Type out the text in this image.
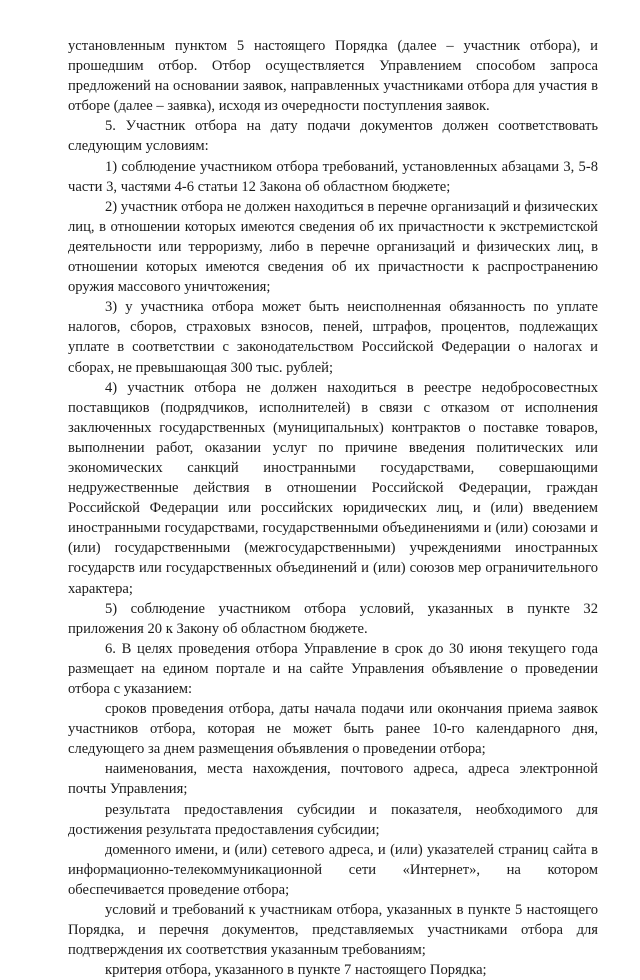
установленным пунктом 5 настоящего Порядка (далее – участник отбора), и прошедшим отбор. Отбор осуществляется Управлением способом запроса предложений на основании заявок, направленных участниками отбора для участия в отборе (далее – заявка), исходя из очередности поступления заявок.

5. Участник отбора на дату подачи документов должен соответствовать следующим условиям:

1) соблюдение участником отбора требований, установленных абзацами 3, 5-8 части 3, частями 4-6 статьи 12 Закона об областном бюджете;

2) участник отбора не должен находиться в перечне организаций и физических лиц, в отношении которых имеются сведения об их причастности к экстремистской деятельности или терроризму, либо в перечне организаций и физических лиц, в отношении которых имеются сведения об их причастности к распространению оружия массового уничтожения;

3) у участника отбора может быть неисполненная обязанность по уплате налогов, сборов, страховых взносов, пеней, штрафов, процентов, подлежащих уплате в соответствии с законодательством Российской Федерации о налогах и сборах, не превышающая 300 тыс. рублей;

4) участник отбора не должен находиться в реестре недобросовестных поставщиков (подрядчиков, исполнителей) в связи с отказом от исполнения заключенных государственных (муниципальных) контрактов о поставке товаров, выполнении работ, оказании услуг по причине введения политических или экономических санкций иностранными государствами, совершающими недружественные действия в отношении Российской Федерации, граждан Российской Федерации или российских юридических лиц, и (или) введением иностранными государствами, государственными объединениями и (или) союзами и (или) государственными (межгосударственными) учреждениями иностранных государств или государственных объединений и (или) союзов мер ограничительного характера;

5) соблюдение участником отбора условий, указанных в пункте 32 приложения 20 к Закону об областном бюджете.

6. В целях проведения отбора Управление в срок до 30 июня текущего года размещает на едином портале и на сайте Управления объявление о проведении отбора с указанием:

сроков проведения отбора, даты начала подачи или окончания приема заявок участников отбора, которая не может быть ранее 10-го календарного дня, следующего за днем размещения объявления о проведении отбора;

наименования, места нахождения, почтового адреса, адреса электронной почты Управления;

результата предоставления субсидии и показателя, необходимого для достижения результата предоставления субсидии;

доменного имени, и (или) сетевого адреса, и (или) указателей страниц сайта в информационно-телекоммуникационной сети «Интернет», на котором обеспечивается проведение отбора;

условий и требований к участникам отбора, указанных в пункте 5 настоящего Порядка, и перечня документов, представляемых участниками отбора для подтверждения их соответствия указанным требованиям;

критерия отбора, указанного в пункте 7 настоящего Порядка;
